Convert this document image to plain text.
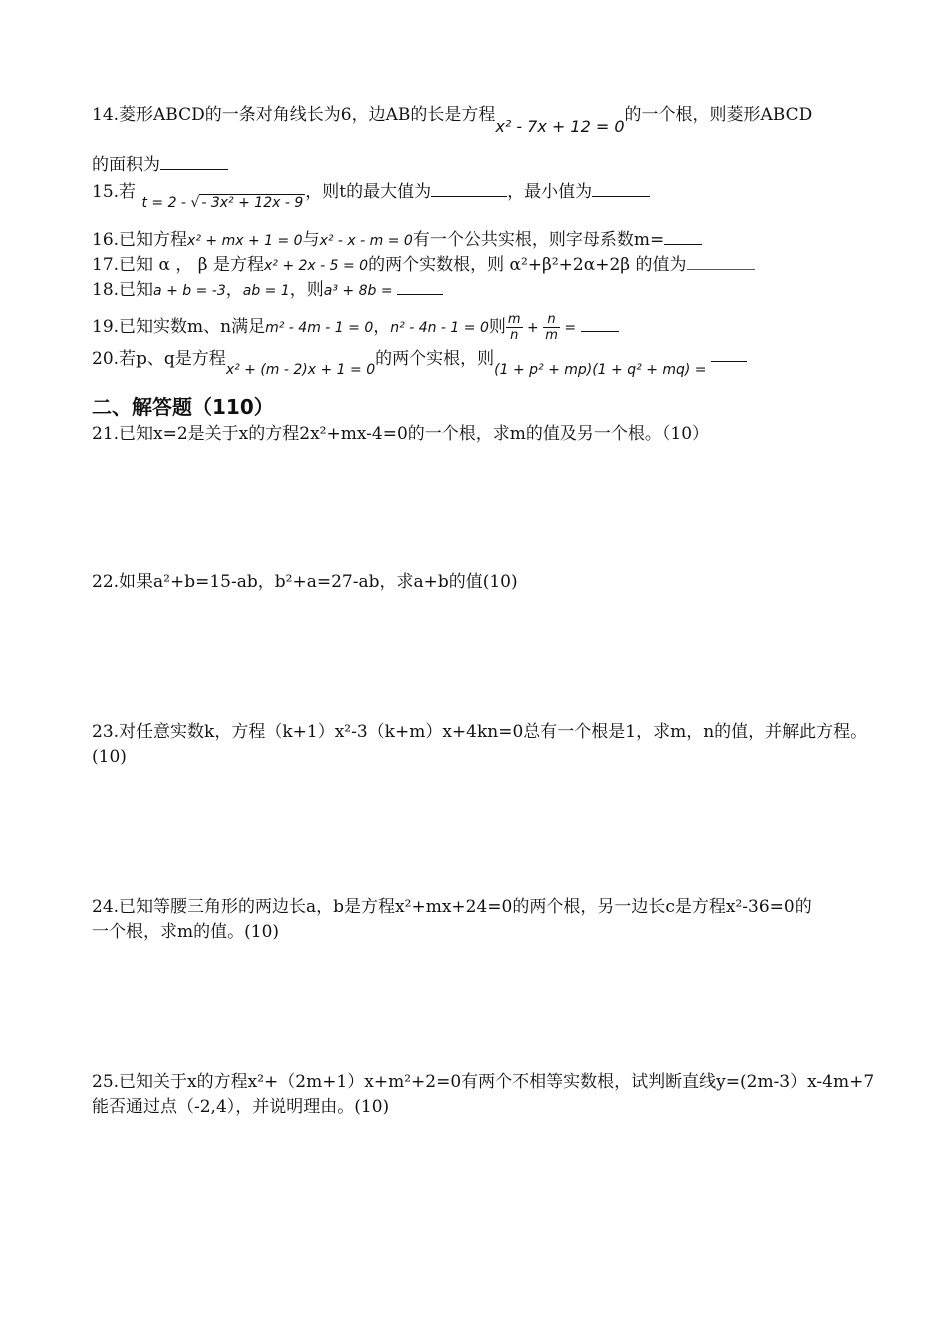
14.菱形ABCD的一条对角线长为6，边AB的长是方程x² - 7x + 12 = 0的一个根，则菱形ABCD
的面积为
15.若 $_{t = 2 - √ - 3x^2 + 12x - 9}$，则t的最大值为	，最小值为
16.已知方程x² + mx + 1 = 0与x² - x - m = 0有一个公共实根，则字母系数m=
17.已知 α ， β 是方程x² + 2x - 5 = 0的两个实数根，则 α²+β²+2α+2β 的值为
18.已知a + b = -3，ab = 1，则a³ + 8b =
19.已知实数m、n满足m² - 4m - 1 = 0，n² - 4n - 1 = 0则 $\frac{m}{n} + \frac{n}{m}$ =
20.若p、q是方程$_{x^2 + (m - 2)x + 1 = 0}$的两个实根，则$_{(1 + p^2 + mp)(1 + q^2 + mq) =}$
二、解答题（110）
21.已知x=2是关于x的方程2x²+mx-4=0的一个根，求m的值及另一个根。（10）
22.如果a²+b=15-ab，b²+a=27-ab，求a+b的值(10)
23.对任意实数k，方程（k+1）x²-3（k+m）x+4kn=0总有一个根是1，求m，n的值，并解此方程。
(10)
24.已知等腰三角形的两边长a，b是方程x²+mx+24=0的两个根，另一边长c是方程x²-36=0的
一个根，求m的值。(10)
25.已知关于x的方程x²+（2m+1）x+m²+2=0有两个不相等实数根，试判断直线y=(2m-3）x-4m+7
能否通过点（-2,4），并说明理由。(10)
